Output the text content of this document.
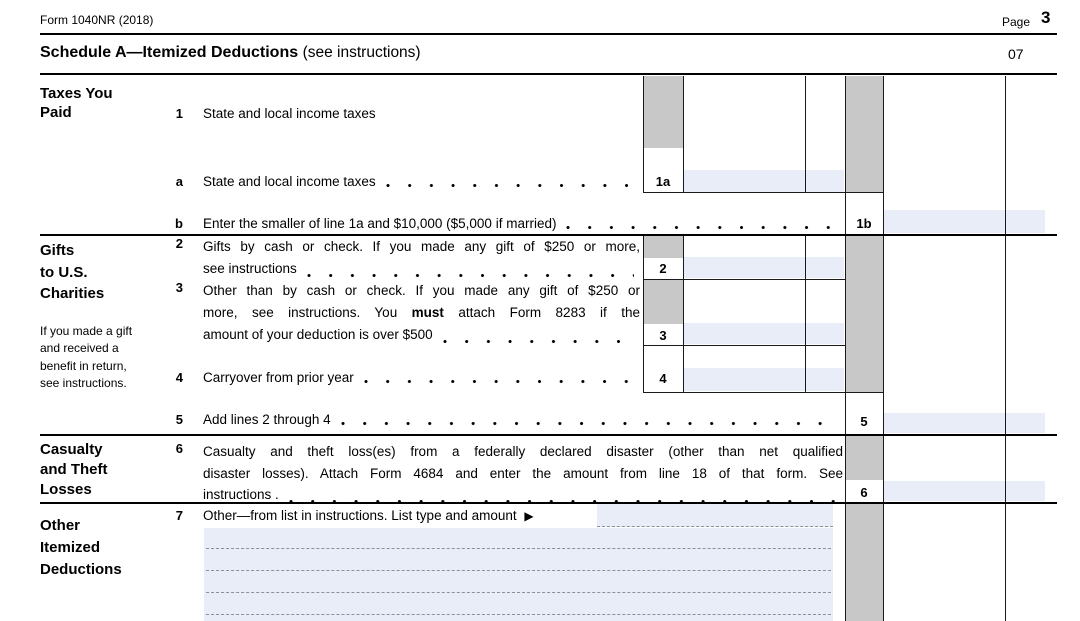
Form 1040NR (2018)	Page 3
Schedule A—Itemized Deductions (see instructions)	07
Taxes You
Paid
Gifts
to U.S.
Charities
If you made a gift and received a benefit in return, see instructions.
Casualty
and Theft
Losses
Other
Itemized
Deductions
1
a
b
2
3
4
5
6
7
State and local income taxes
State and local income taxes
Enter the smaller of line 1a and $10,000 ($5,000 if married)
Gifts by cash or check. If you made any gift of $250 or more,
see instructions
Other than by cash or check. If you made any gift of $250 or
more, see instructions. You must attach Form 8283 if the
amount of your deduction is over $500
Carryover from prior year
Add lines 2 through 4
Casualty and theft loss(es) from a federally declared disaster (other than net qualified
disaster losses). Attach Form 4684 and enter the amount from line 18 of that form. See
instructions .
Other—from list in instructions. List type and amount ▶
1a
1b
2
3
4
5
6
